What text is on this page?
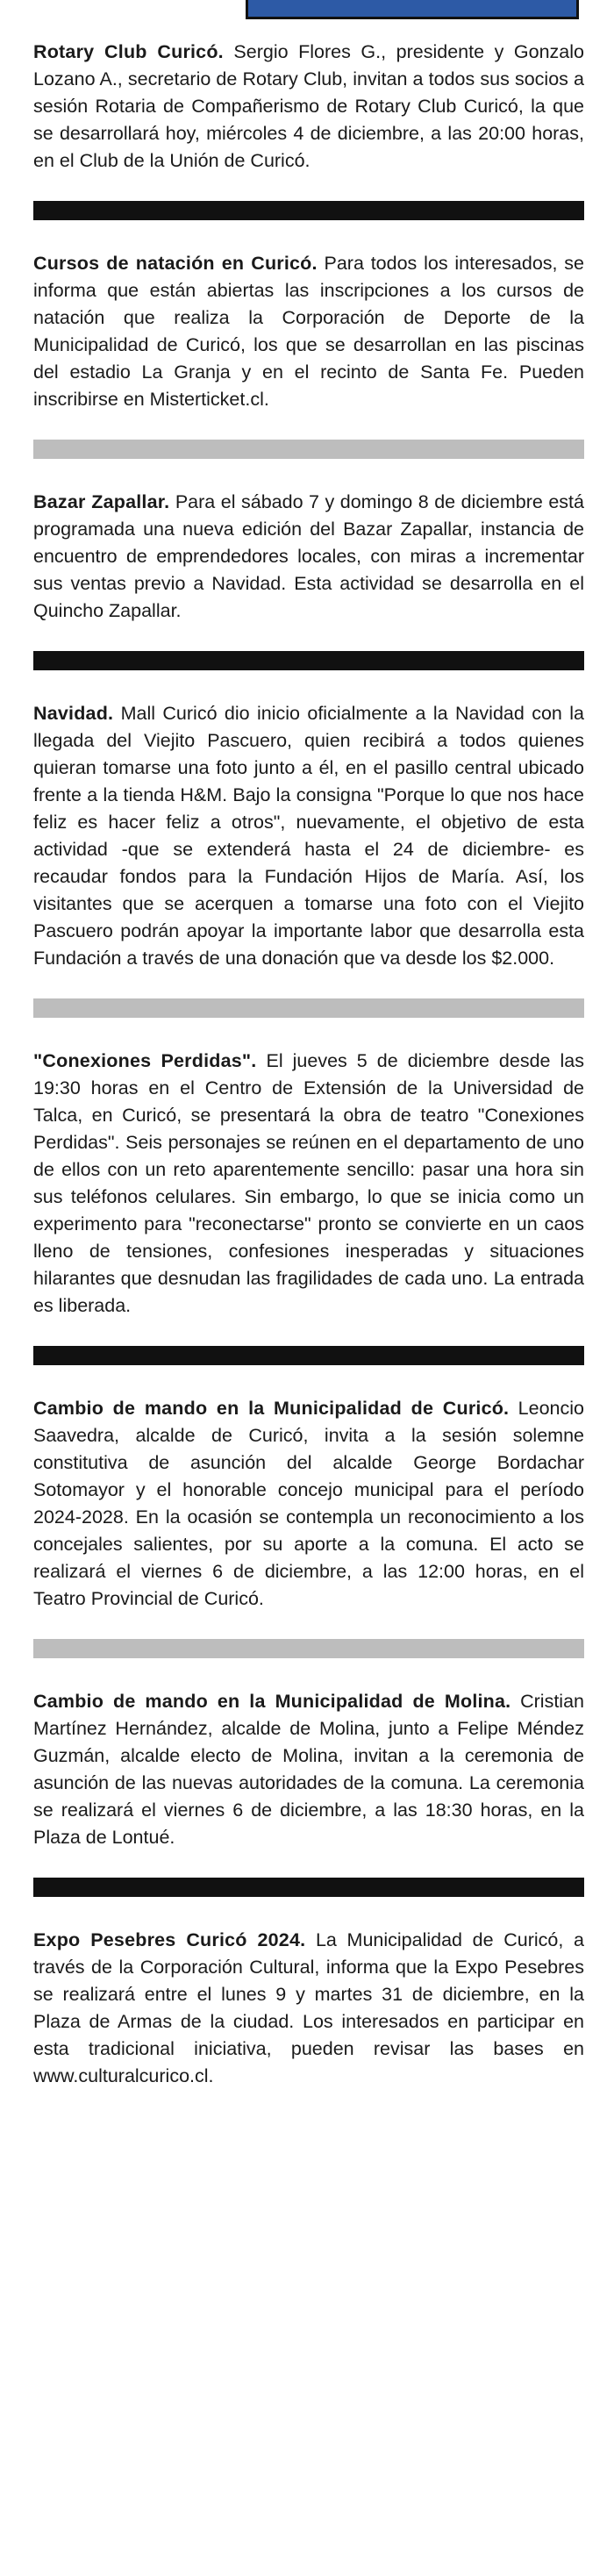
Rotary Club Curicó. Sergio Flores G., presidente y Gonzalo Lozano A., secretario de Rotary Club, invitan a todos sus socios a sesión Rotaria de Compañerismo de Rotary Club Curicó, la que se desarrollará hoy, miércoles 4 de diciembre, a las 20:00 horas, en el Club de la Unión de Curicó.

Cursos de natación en Curicó. Para todos los interesados, se informa que están abiertas las inscripciones a los cursos de natación que realiza la Corporación de Deporte de la Municipalidad de Curicó, los que se desarrollan en las piscinas del estadio La Granja y en el recinto de Santa Fe. Pueden inscribirse en Misterticket.cl.

Bazar Zapallar. Para el sábado 7 y domingo 8 de diciembre está programada una nueva edición del Bazar Zapallar, instancia de encuentro de emprendedores locales, con miras a incrementar sus ventas previo a Navidad. Esta actividad se desarrolla en el Quincho Zapallar.

Navidad. Mall Curicó dio inicio oficialmente a la Navidad con la llegada del Viejito Pascuero, quien recibirá a todos quienes quieran tomarse una foto junto a él, en el pasillo central ubicado frente a la tienda H&M. Bajo la consigna "Porque lo que nos hace feliz es hacer feliz a otros", nuevamente, el objetivo de esta actividad -que se extenderá hasta el 24 de diciembre- es recaudar fondos para la Fundación Hijos de María. Así, los visitantes que se acerquen a tomarse una foto con el Viejito Pascuero podrán apoyar la importante labor que desarrolla esta Fundación a través de una donación que va desde los $2.000.

"Conexiones Perdidas". El jueves 5 de diciembre desde las 19:30 horas en el Centro de Extensión de la Universidad de Talca, en Curicó, se presentará la obra de teatro "Conexiones Perdidas". Seis personajes se reúnen en el departamento de uno de ellos con un reto aparentemente sencillo: pasar una hora sin sus teléfonos celulares. Sin embargo, lo que se inicia como un experimento para "reconectarse" pronto se convierte en un caos lleno de tensiones, confesiones inesperadas y situaciones hilarantes que desnudan las fragilidades de cada uno. La entrada es liberada.

Cambio de mando en la Municipalidad de Curicó. Leoncio Saavedra, alcalde de Curicó, invita a la sesión solemne constitutiva de asunción del alcalde George Bordachar Sotomayor y el honorable concejo municipal para el período 2024-2028. En la ocasión se contempla un reconocimiento a los concejales salientes, por su aporte a la comuna. El acto se realizará el viernes 6 de diciembre, a las 12:00 horas, en el Teatro Provincial de Curicó.

Cambio de mando en la Municipalidad de Molina. Cristian Martínez Hernández, alcalde de Molina, junto a Felipe Méndez Guzmán, alcalde electo de Molina, invitan a la ceremonia de asunción de las nuevas autoridades de la comuna. La ceremonia se realizará el viernes 6 de diciembre, a las 18:30 horas, en la Plaza de Lontué.

Expo Pesebres Curicó 2024. La Municipalidad de Curicó, a través de la Corporación Cultural, informa que la Expo Pesebres se realizará entre el lunes 9 y martes 31 de diciembre, en la Plaza de Armas de la ciudad. Los interesados en participar en esta tradicional iniciativa, pueden revisar las bases en www.culturalcurico.cl.
